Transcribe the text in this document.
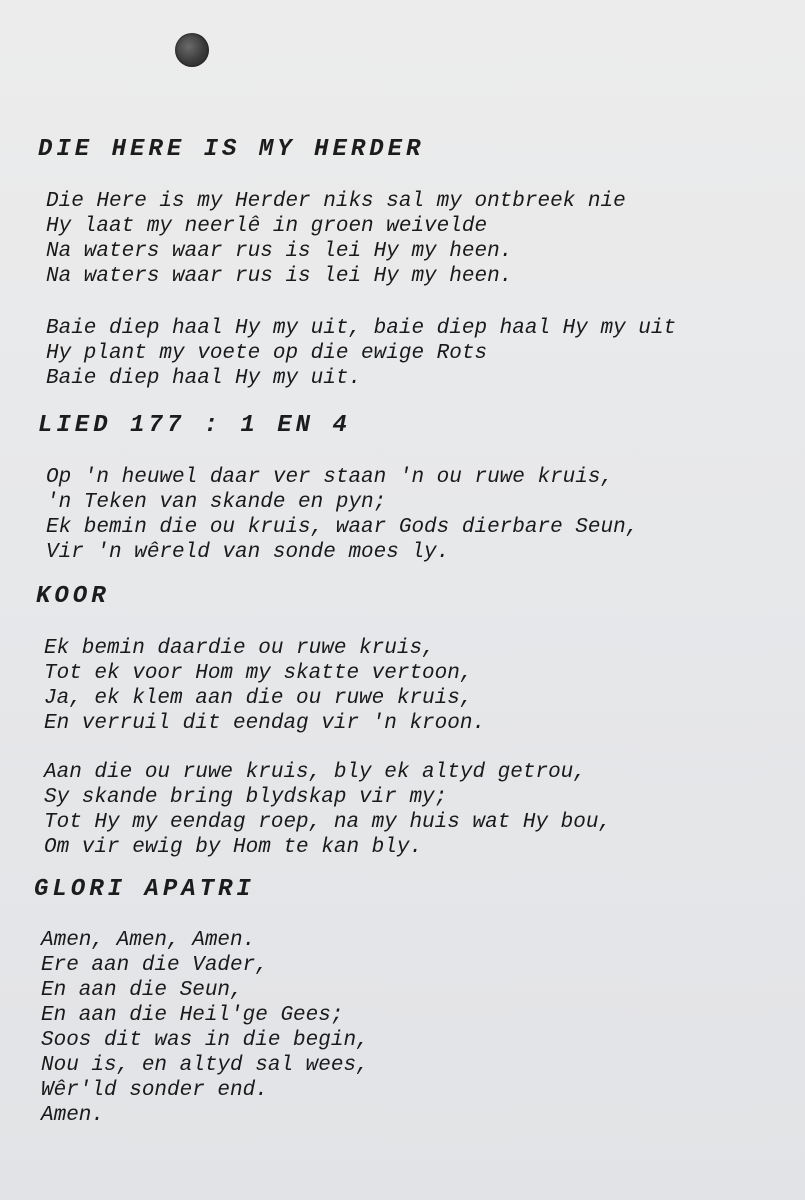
DIE HERE IS MY HERDER
Die Here is my Herder niks sal my ontbreek nie
Hy laat my neerlê in groen weivelde
Na waters waar rus is lei Hy my heen.
Na waters waar rus is lei Hy my heen.
Baie diep haal Hy my uit, baie diep haal Hy my uit
Hy plant my voete op die ewige Rots
Baie diep haal Hy my uit.
LIED 177 : 1 EN 4
Op 'n heuwel daar ver staan 'n ou ruwe kruis,
'n Teken van skande en pyn;
Ek bemin die ou kruis, waar Gods dierbare Seun,
Vir 'n wêreld van sonde moes ly.
KOOR
Ek bemin daardie ou ruwe kruis,
Tot ek voor Hom my skatte vertoon,
Ja, ek klem aan die ou ruwe kruis,
En verruil dit eendag vir 'n kroon.
Aan die ou ruwe kruis, bly ek altyd getrou,
Sy skande bring blydskap vir my;
Tot Hy my eendag roep, na my huis wat Hy bou,
Om vir ewig by Hom te kan bly.
GLORI APATRI
Amen, Amen, Amen.
Ere aan die Vader,
En aan die Seun,
En aan die Heil'ge Gees;
Soos dit was in die begin,
Nou is, en altyd sal wees,
Wêr'ld sonder end.
Amen.
